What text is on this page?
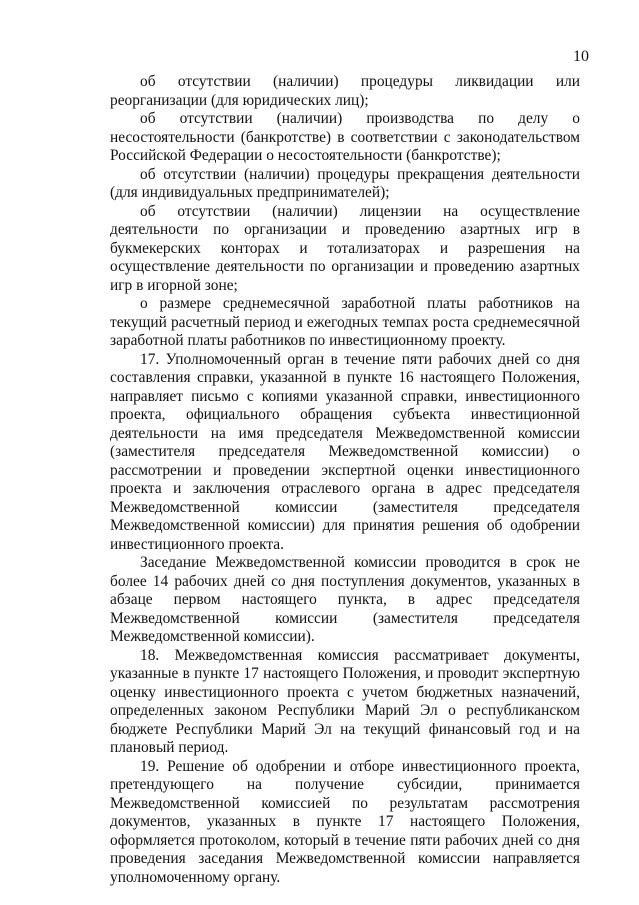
10

об отсутствии (наличии) процедуры ликвидации или реорганизации (для юридических лиц);

об отсутствии (наличии) производства по делу о несостоятельности (банкротстве) в соответствии с законодательством Российской Федерации о несостоятельности (банкротстве);

об отсутствии (наличии) процедуры прекращения деятельности (для индивидуальных предпринимателей);

об отсутствии (наличии) лицензии на осуществление деятельности по организации и проведению азартных игр в букмекерских конторах и тотализаторах и разрешения на осуществление деятельности по организации и проведению азартных игр в игорной зоне;

о размере среднемесячной заработной платы работников на текущий расчетный период и ежегодных темпах роста среднемесячной заработной платы работников по инвестиционному проекту.

17. Уполномоченный орган в течение пяти рабочих дней со дня составления справки, указанной в пункте 16 настоящего Положения, направляет письмо с копиями указанной справки, инвестиционного проекта, официального обращения субъекта инвестиционной деятельности на имя председателя Межведомственной комиссии (заместителя председателя Межведомственной комиссии) о рассмотрении и проведении экспертной оценки инвестиционного проекта и заключения отраслевого органа в адрес председателя Межведомственной комиссии (заместителя председателя Межведомственной комиссии) для принятия решения об одобрении инвестиционного проекта.

Заседание Межведомственной комиссии проводится в срок не более 14 рабочих дней со дня поступления документов, указанных в абзаце первом настоящего пункта, в адрес председателя Межведомственной комиссии (заместителя председателя Межведомственной комиссии).

18. Межведомственная комиссия рассматривает документы, указанные в пункте 17 настоящего Положения, и проводит экспертную оценку инвестиционного проекта с учетом бюджетных назначений, определенных законом Республики Марий Эл о республиканском бюджете Республики Марий Эл на текущий финансовый год и на плановый период.

19. Решение об одобрении и отборе инвестиционного проекта, претендующего на получение субсидии, принимается Межведомственной комиссией по результатам рассмотрения документов, указанных в пункте 17 настоящего Положения, оформляется протоколом, который в течение пяти рабочих дней со дня проведения заседания Межведомственной комиссии направляется уполномоченному органу.
